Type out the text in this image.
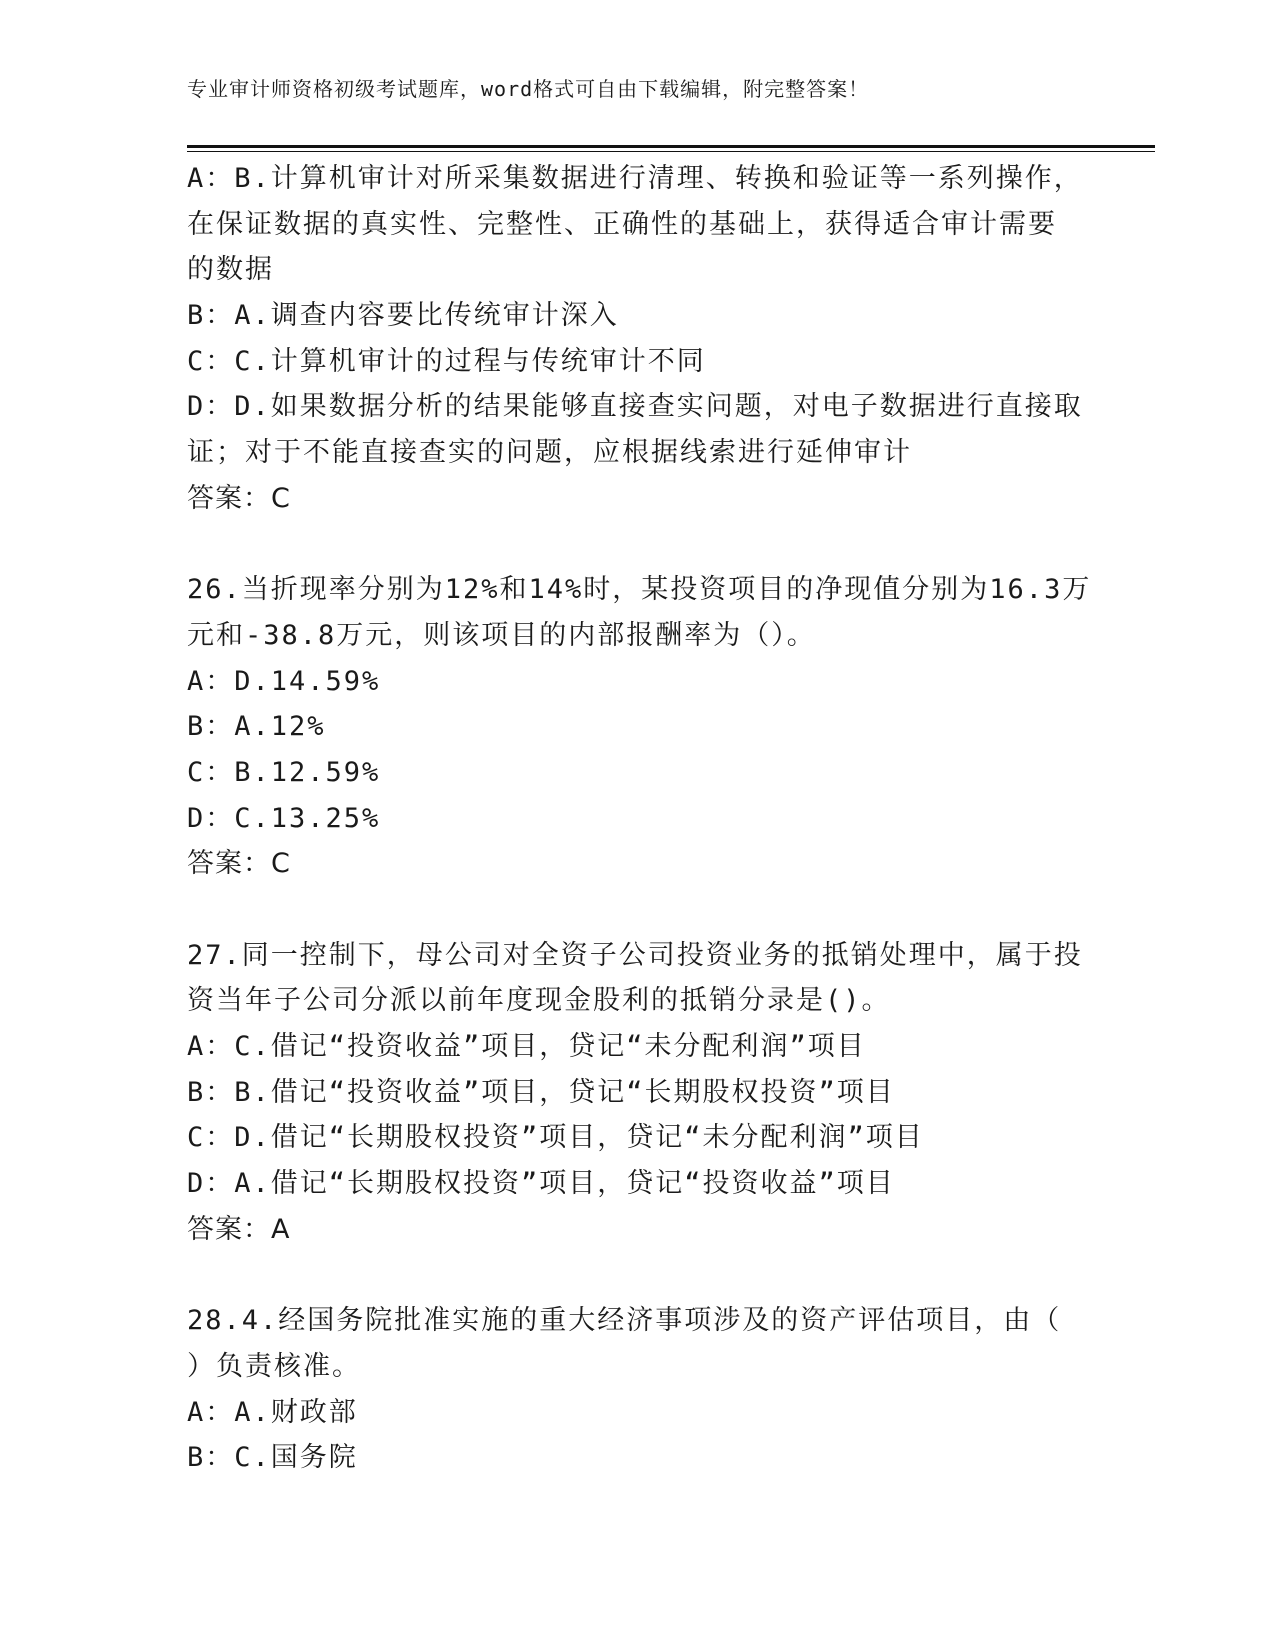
专业审计师资格初级考试题库，word格式可自由下载编辑，附完整答案！
A：B.计算机审计对所采集数据进行清理、转换和验证等一系列操作，
在保证数据的真实性、完整性、正确性的基础上，获得适合审计需要
的数据
B：A.调查内容要比传统审计深入
C：C.计算机审计的过程与传统审计不同
D：D.如果数据分析的结果能够直接查实问题，对电子数据进行直接取
证；对于不能直接查实的问题，应根据线索进行延伸审计
答案：C
26.当折现率分别为12%和14%时，某投资项目的净现值分别为16.3万
元和-38.8万元，则该项目的内部报酬率为（）。
A：D.14.59%
B：A.12%
C：B.12.59%
D：C.13.25%
答案：C
27.同一控制下，母公司对全资子公司投资业务的抵销处理中，属于投
资当年子公司分派以前年度现金股利的抵销分录是()。
A：C.借记“投资收益”项目，贷记“未分配利润”项目
B：B.借记“投资收益”项目，贷记“长期股权投资”项目
C：D.借记“长期股权投资”项目，贷记“未分配利润”项目
D：A.借记“长期股权投资”项目，贷记“投资收益”项目
答案：A
28.4.经国务院批准实施的重大经济事项涉及的资产评估项目，由（
）负责核准。
A：A.财政部
B：C.国务院
